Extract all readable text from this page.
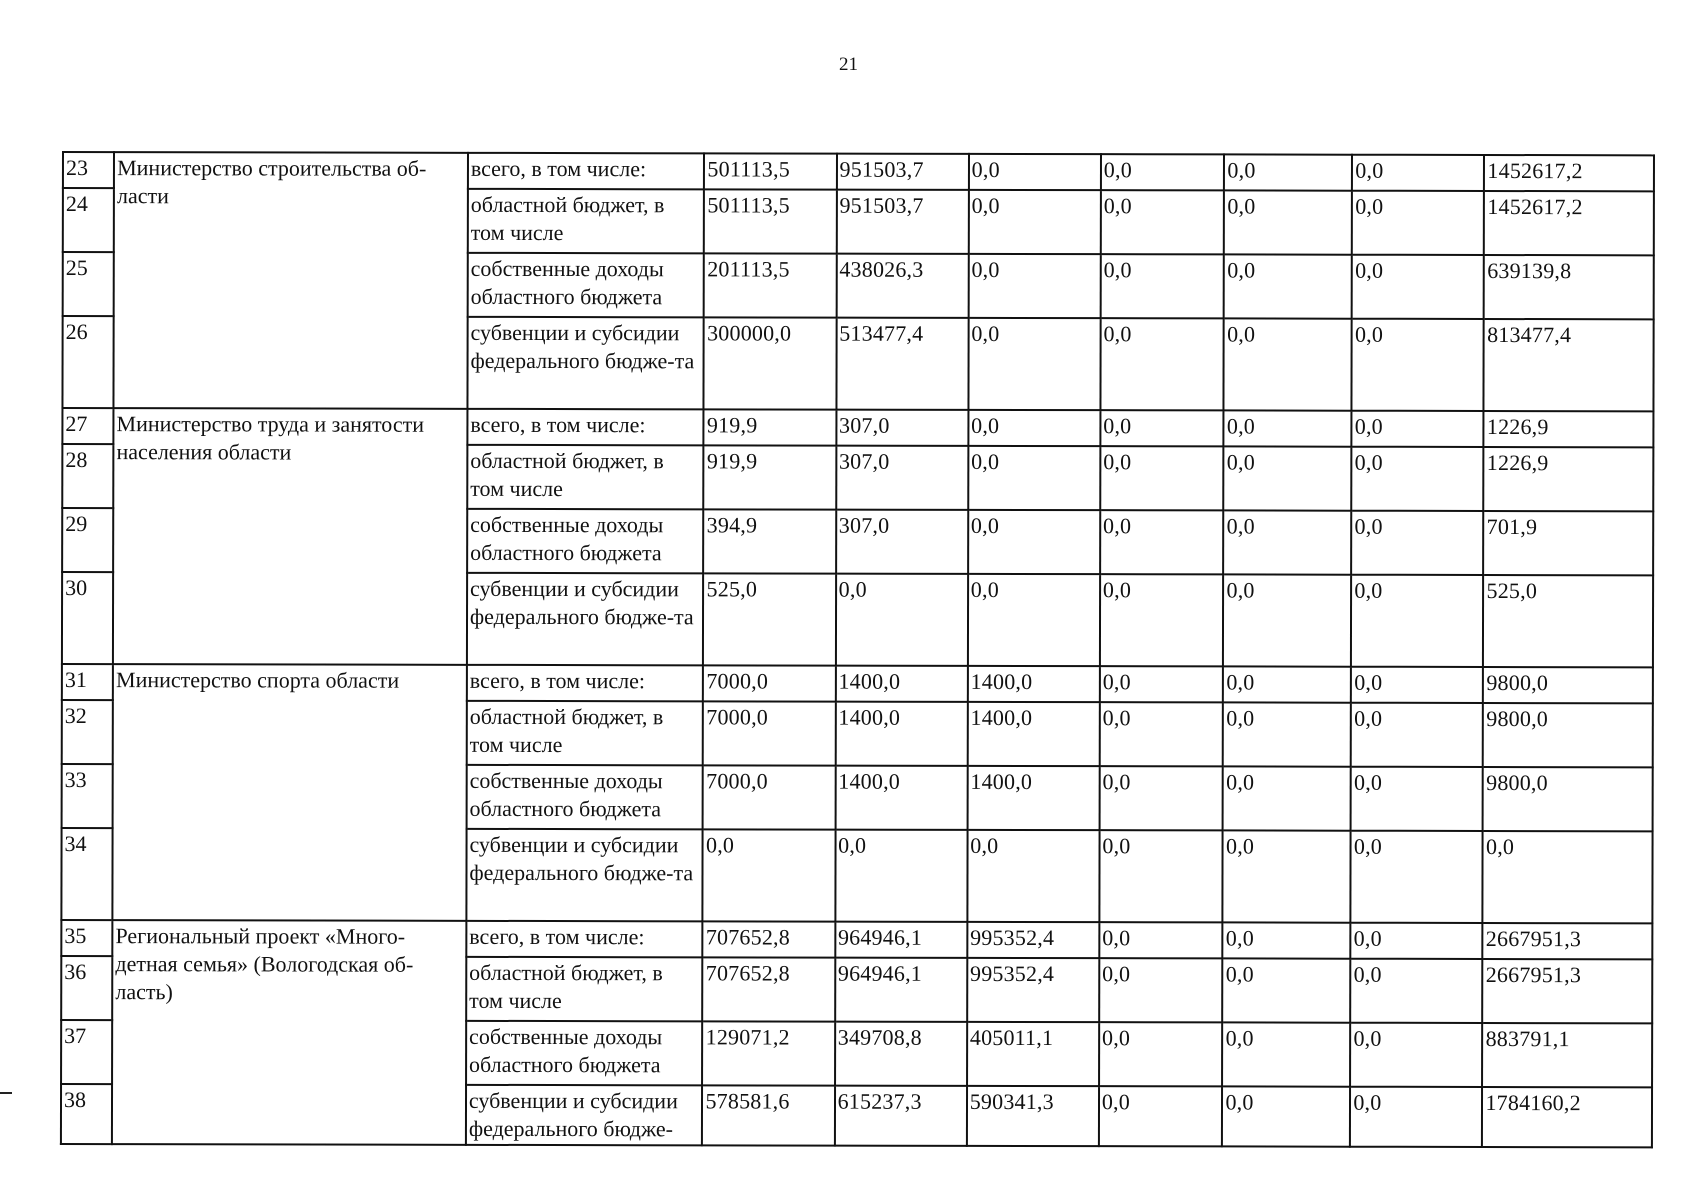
21
23	Министерство строительства об-ласти	всего, в том числе:	501113,5	951503,7	0,0	0,0	0,0	0,0	1452617,2
24		областной бюджет, в том числе	501113,5	951503,7	0,0	0,0	0,0	0,0	1452617,2
25		собственные доходы областного бюджета	201113,5	438026,3	0,0	0,0	0,0	0,0	639139,8
26		субвенции и субсидии федерального бюдже-та	300000,0	513477,4	0,0	0,0	0,0	0,0	813477,4
27	Министерство труда и занятости населения области	всего, в том числе:	919,9	307,0	0,0	0,0	0,0	0,0	1226,9
28		областной бюджет, в том числе	919,9	307,0	0,0	0,0	0,0	0,0	1226,9
29		собственные доходы областного бюджета	394,9	307,0	0,0	0,0	0,0	0,0	701,9
30		субвенции и субсидии федерального бюдже-та	525,0	0,0	0,0	0,0	0,0	0,0	525,0
31	Министерство спорта области	всего, в том числе:	7000,0	1400,0	1400,0	0,0	0,0	0,0	9800,0
32		областной бюджет, в том числе	7000,0	1400,0	1400,0	0,0	0,0	0,0	9800,0
33		собственные доходы областного бюджета	7000,0	1400,0	1400,0	0,0	0,0	0,0	9800,0
34		субвенции и субсидии федерального бюдже-та	0,0	0,0	0,0	0,0	0,0	0,0	0,0
35	Региональный проект «Много-детная семья» (Вологодская об-ласть)	всего, в том числе:	707652,8	964946,1	995352,4	0,0	0,0	0,0	2667951,3
36		областной бюджет, в том числе	707652,8	964946,1	995352,4	0,0	0,0	0,0	2667951,3
37		собственные доходы областного бюджета	129071,2	349708,8	405011,1	0,0	0,0	0,0	883791,1
38		субвенции и субсидии федерального бюдже-	578581,6	615237,3	590341,3	0,0	0,0	0,0	1784160,2
